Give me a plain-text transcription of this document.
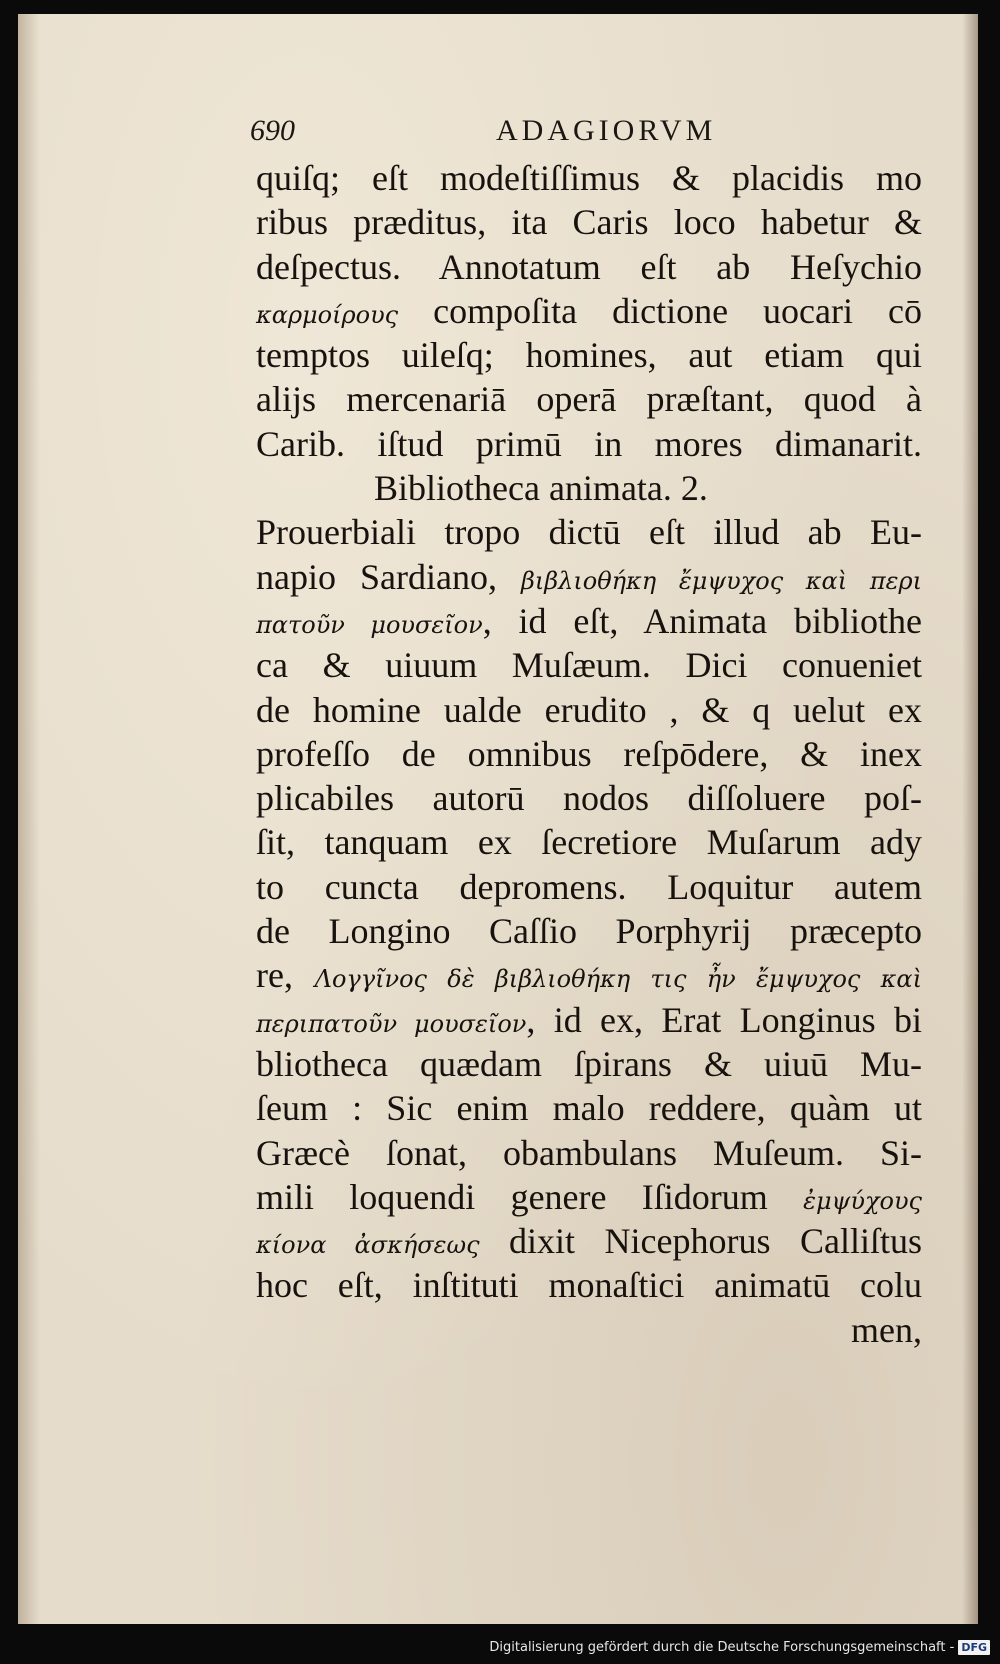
690	ADAGIORVM
quiſq; eſt modeſtiſſimus & placidis mo
ribus præditus, ita Caris loco habetur &
deſpectus. Annotatum eſt ab Heſychio
καρμοίρους compoſita dictione uocari cō
temptos uileſq; homines, aut etiam qui
alijs mercenariā operā præſtant, quod à
Carib. iſtud primū in mores dimanarit.
Bibliotheca animata. 2.
Prouerbiali tropo dictū eſt illud ab Eu-
napio Sardiano, βιβλιοθήκη ἔμψυχος καὶ περι
πατοῦν μουσεῖον, id eſt, Animata bibliothe
ca & uiuum Muſæum. Dici conueniet
de homine ualde erudito , & q uelut ex
profeſſo de omnibus reſpōdere, & inex
plicabiles autorū nodos diſſoluere poſ-
ſit, tanquam ex ſecretiore Muſarum ady
to cuncta depromens. Loquitur autem
de Longino Caſſio Porphyrij præcepto
re, Λογγῖνος δὲ βιβλιοθήκη τις ἦν ἔμψυχος καὶ
περιπατοῦν μουσεῖον, id ex, Erat Longinus bi
bliotheca quædam ſpirans & uiuū Mu-
ſeum : Sic enim malo reddere, quàm ut
Græcè ſonat, obambulans Muſeum. Si-
mili loquendi genere Iſidorum ἐμψύχους
κίονα ἀσκήσεως dixit Nicephorus Calliſtus
hoc eſt, inſtituti monaſtici animatū colu
men,
Digitalisierung gefördert durch die Deutsche Forschungsgemeinschaft - DFG
